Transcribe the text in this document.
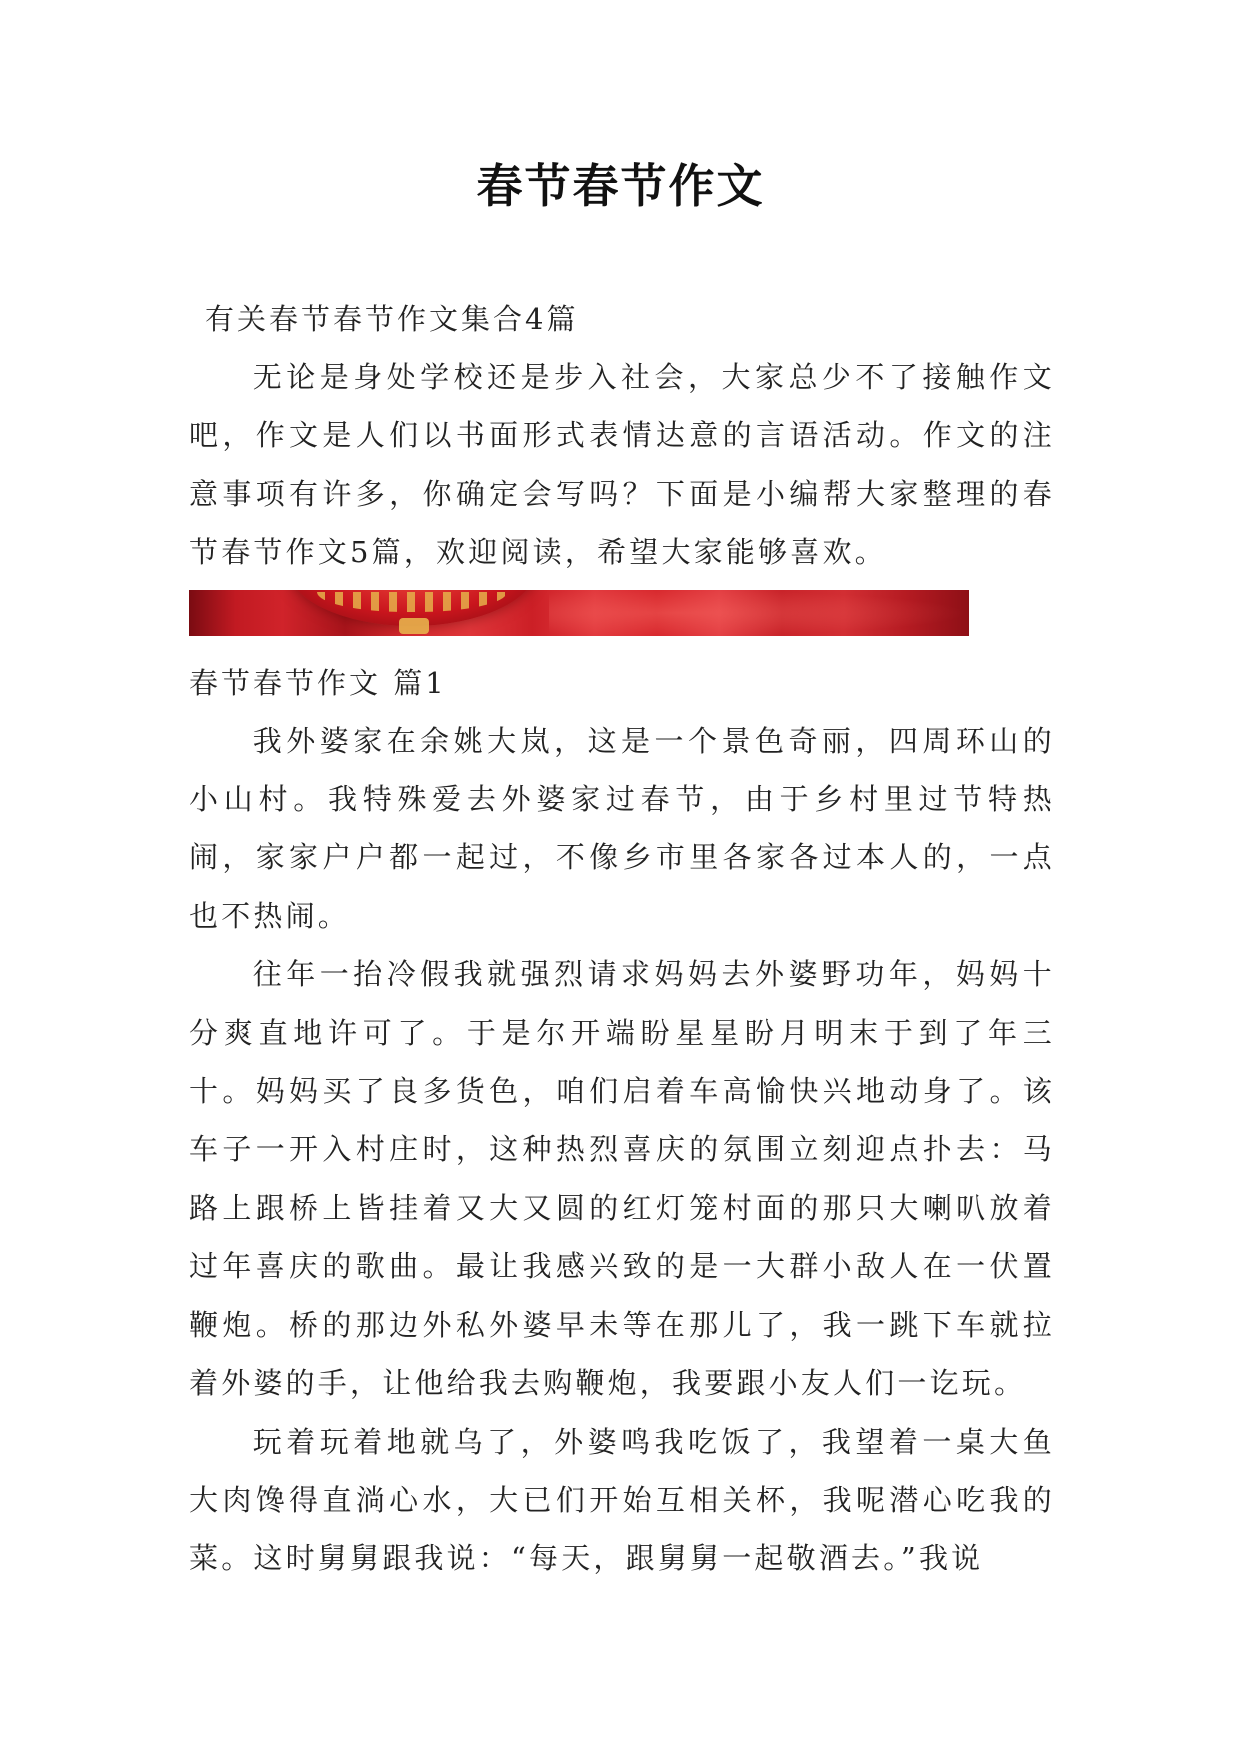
春节春节作文
有关春节春节作文集合4篇

无论是身处学校还是步入社会，大家总少不了接触作文吧，作文是人们以书面形式表情达意的言语活动。作文的注意事项有许多，你确定会写吗？下面是小编帮大家整理的春节春节作文5篇，欢迎阅读，希望大家能够喜欢。

春节春节作文 篇1

我外婆家在余姚大岚，这是一个景色奇丽，四周环山的小山村。我特殊爱去外婆家过春节，由于乡村里过节特热闹，家家户户都一起过，不像乡市里各家各过本人的，一点也不热闹。

往年一抬冷假我就强烈请求妈妈去外婆野功年，妈妈十分爽直地许可了。于是尔开端盼星星盼月明末于到了年三十。妈妈买了良多货色，咱们启着车高愉快兴地动身了。该车子一开入村庄时，这种热烈喜庆的氛围立刻迎点扑去：马路上跟桥上皆挂着又大又圆的红灯笼村面的那只大喇叭放着过年喜庆的歌曲。最让我感兴致的是一大群小敌人在一伏置鞭炮。桥的那边外私外婆早未等在那儿了，我一跳下车就拉着外婆的手，让他给我去购鞭炮，我要跟小友人们一讫玩。

玩着玩着地就乌了，外婆鸣我吃饭了，我望着一桌大鱼大肉馋得直淌心水，大已们开始互相关杯，我呢潜心吃我的菜。这时舅舅跟我说：“每天，跟舅舅一起敬酒去。”我说
